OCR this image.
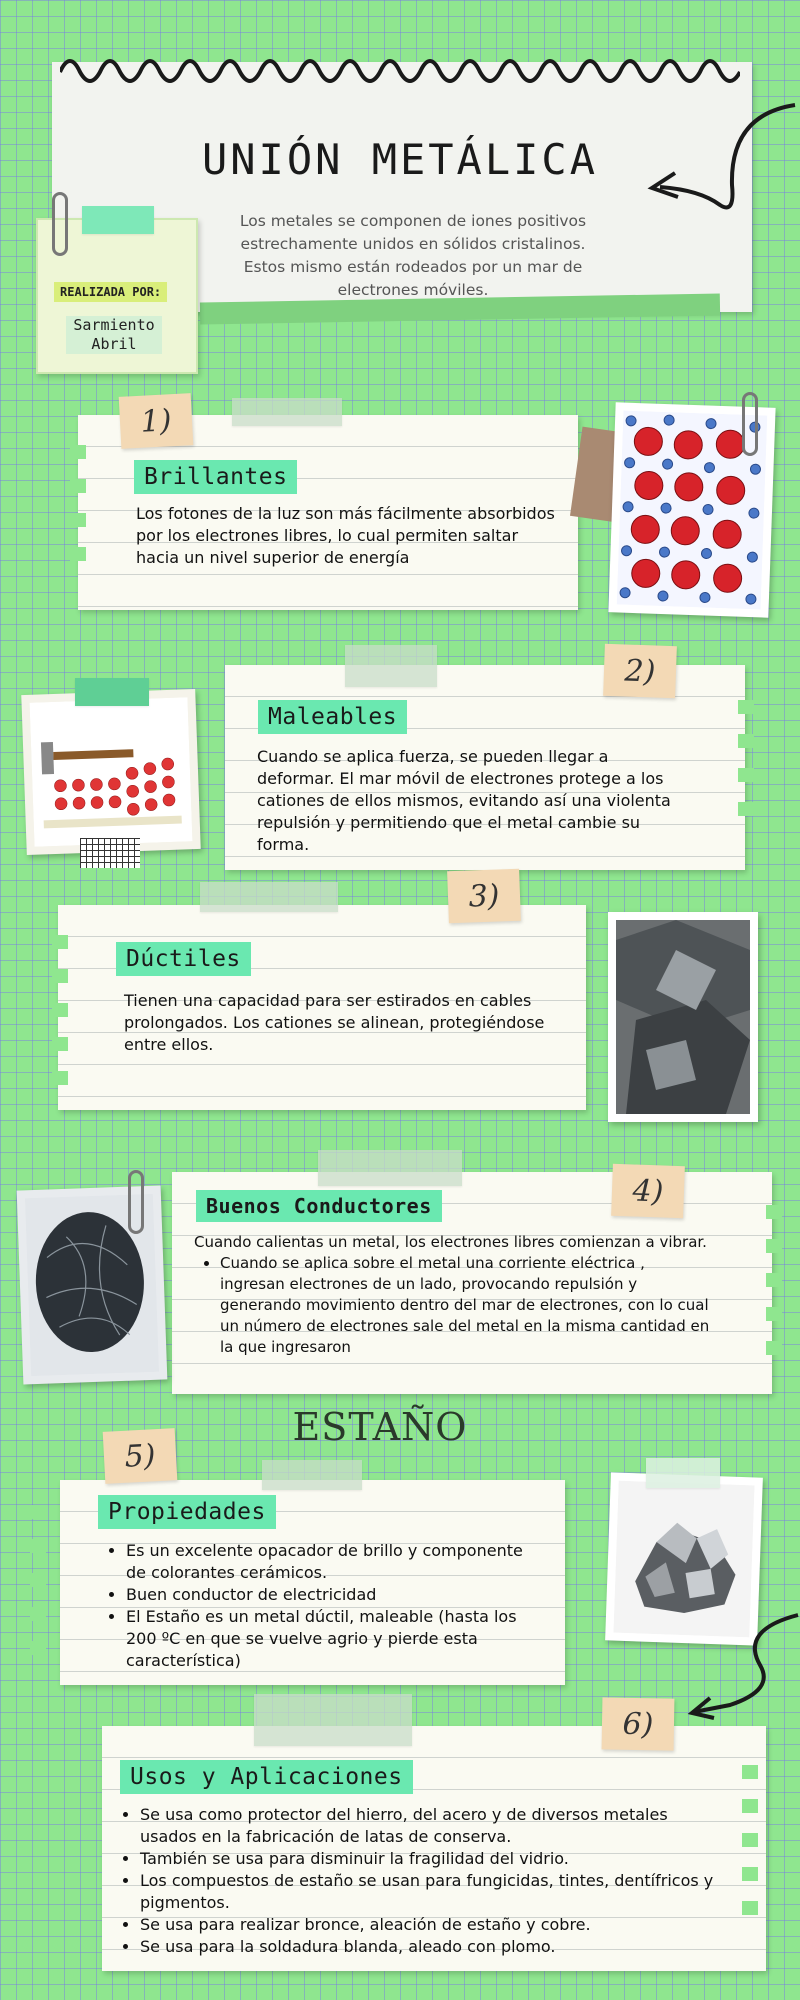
UNIÓN METÁLICA
Los metales se componen de iones positivos estrechamente unidos en sólidos cristalinos. Estos mismo están rodeados por un mar de electrones móviles.
REALIZADA POR:
Sarmiento Abril
1)
Brillantes
Los fotones de la luz son más fácilmente absorbidos por los electrones libres, lo cual permiten saltar hacia un nivel superior de energía
2)
Maleables
Cuando se aplica fuerza, se pueden llegar a deformar. El mar móvil de electrones protege a los cationes de ellos mismos, evitando así una violenta repulsión y permitiendo que el metal cambie su forma.
3)
Dúctiles
Tienen una capacidad para ser estirados en cables prolongados. Los cationes se alinean, protegiéndose entre ellos.
4)
Buenos Conductores
Cuando calientas un metal, los electrones libres comienzan a vibrar.
• Cuando se aplica sobre el metal una corriente eléctrica , ingresan electrones de un lado, provocando repulsión y generando movimiento dentro del mar de electrones, con lo cual un número de electrones sale del metal en la misma cantidad en la que ingresaron
ESTAÑO
5)
Propiedades
• Es un excelente opacador de brillo y componente de colorantes cerámicos.
• Buen conductor de electricidad
• El Estaño es un metal dúctil, maleable (hasta los 200 ºC en que se vuelve agrio y pierde esta característica)
6)
Usos y Aplicaciones
• Se usa como protector del hierro, del acero y de diversos metales usados en la fabricación de latas de conserva.
• También se usa para disminuir la fragilidad del vidrio.
• Los compuestos de estaño se usan para fungicidas, tintes, dentífricos y pigmentos.
• Se usa para realizar bronce, aleación de estaño y cobre.
• Se usa para la soldadura blanda, aleado con plomo.
